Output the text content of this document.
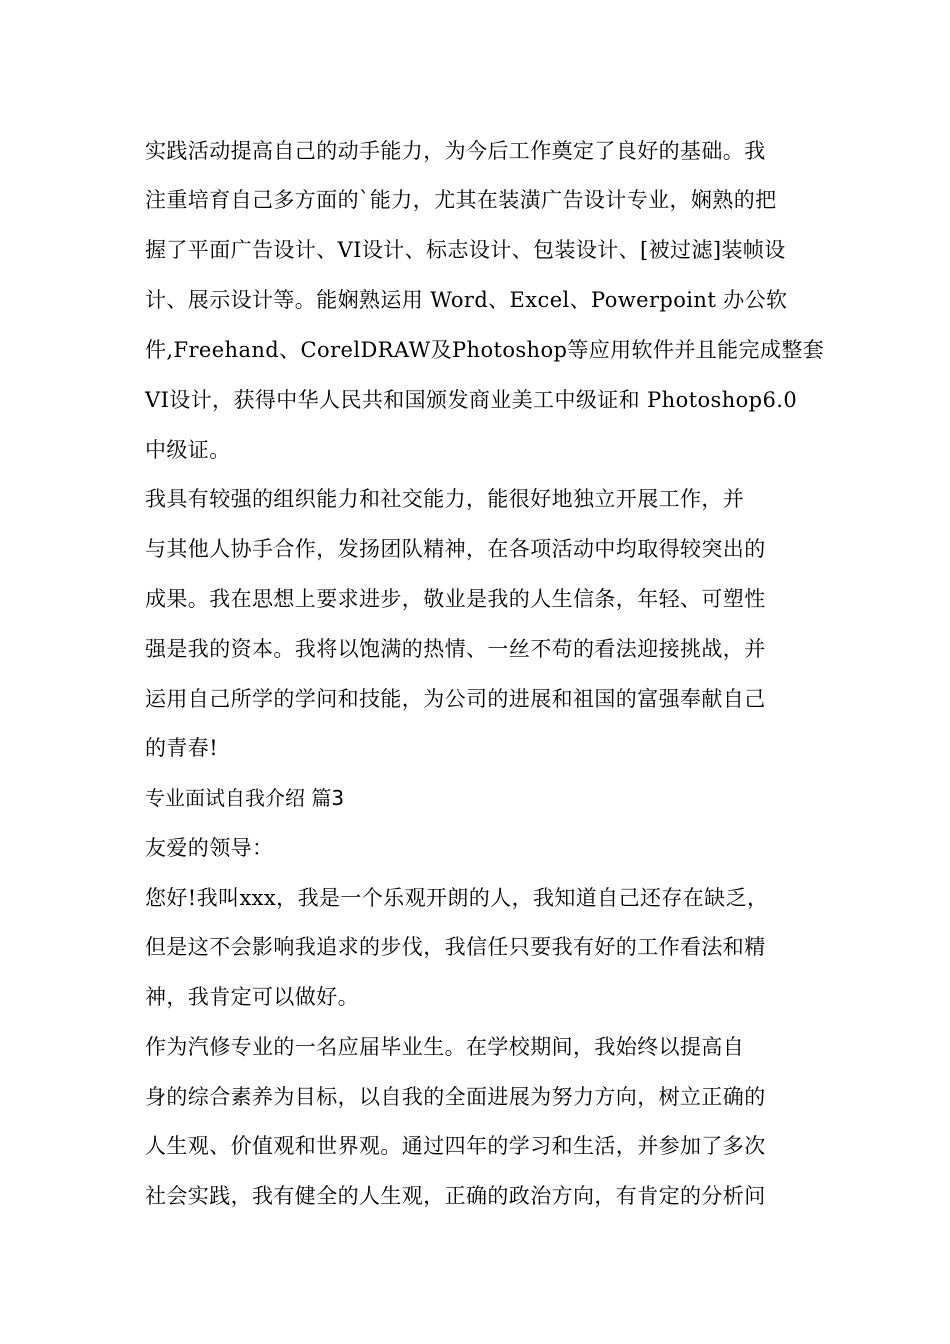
实践活动提高自己的动手能力，为今后工作奠定了良好的基础。我

注重培育自己多方面的`能力，尤其在装潢广告设计专业，娴熟的把

握了平面广告设计、VI设计、标志设计、包装设计、[被过滤]装帧设

计、展示设计等。能娴熟运用 Word、Excel、Powerpoint 办公软

件,Freehand、CorelDRAW及Photoshop等应用软件并且能完成整套

VI设计，获得中华人民共和国颁发商业美工中级证和 Photoshop6.0

中级证。

我具有较强的组织能力和社交能力，能很好地独立开展工作，并

与其他人协手合作，发扬团队精神，在各项活动中均取得较突出的

成果。我在思想上要求进步，敬业是我的人生信条，年轻、可塑性

强是我的资本。我将以饱满的热情、一丝不苟的看法迎接挑战，并

运用自己所学的学问和技能，为公司的进展和祖国的富强奉献自己

的青春!

专业面试自我介绍 篇3

友爱的领导：

您好!我叫xxx，我是一个乐观开朗的人，我知道自己还存在缺乏，

但是这不会影响我追求的步伐，我信任只要我有好的工作看法和精

神，我肯定可以做好。

作为汽修专业的一名应届毕业生。在学校期间，我始终以提高自

身的综合素养为目标，以自我的全面进展为努力方向，树立正确的

人生观、价值观和世界观。通过四年的学习和生活，并参加了多次

社会实践，我有健全的人生观，正确的政治方向，有肯定的分析问
